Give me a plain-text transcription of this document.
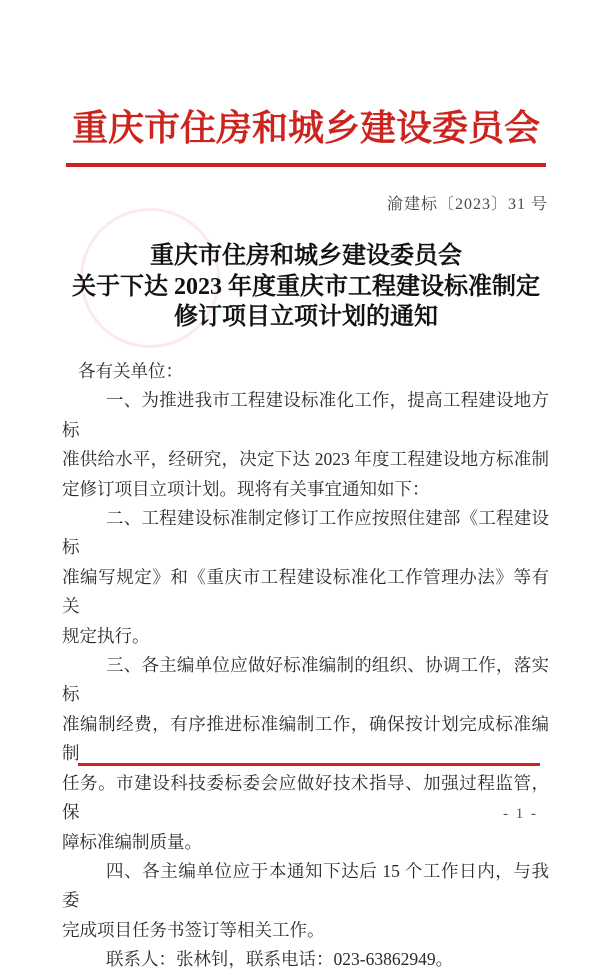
重庆市住房和城乡建设委员会
渝建标〔2023〕31 号
重庆市住房和城乡建设委员会
关于下达 2023 年度重庆市工程建设标准制定
修订项目立项计划的通知
各有关单位：
一、为推进我市工程建设标准化工作，提高工程建设地方标
准供给水平，经研究，决定下达 2023 年度工程建设地方标准制
定修订项目立项计划。现将有关事宜通知如下：
二、工程建设标准制定修订工作应按照住建部《工程建设标
准编写规定》和《重庆市工程建设标准化工作管理办法》等有关
规定执行。
三、各主编单位应做好标准编制的组织、协调工作，落实标
准编制经费，有序推进标准编制工作，确保按计划完成标准编制
任务。市建设科技委标委会应做好技术指导、加强过程监管，保
障标准编制质量。
四、各主编单位应于本通知下达后 15 个工作日内，与我委
完成项目任务书签订等相关工作。
联系人：张林钊，联系电话：023-63862949。
- 1 -
